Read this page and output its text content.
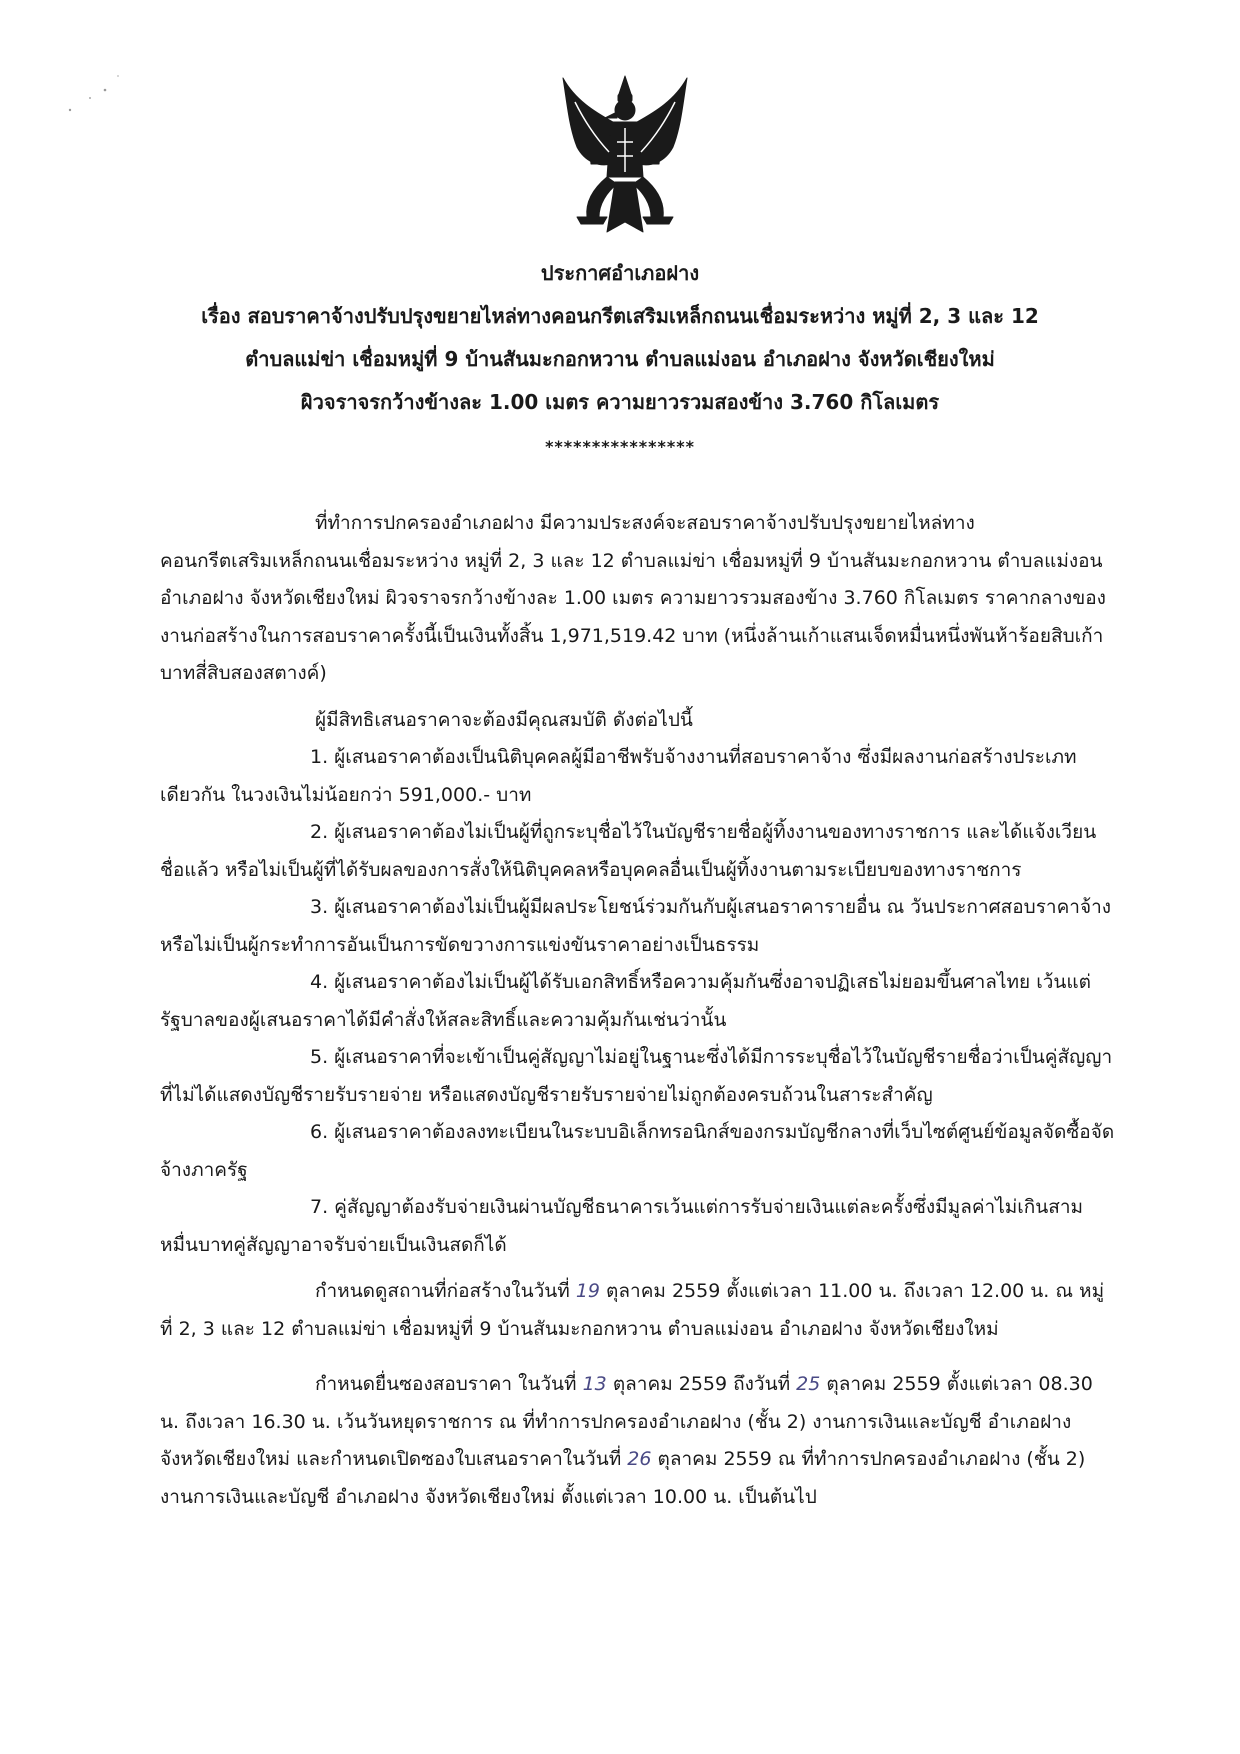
ประกาศอำเภอฝาง
เรื่อง สอบราคาจ้างปรับปรุงขยายไหล่ทางคอนกรีตเสริมเหล็กถนนเชื่อมระหว่าง หมู่ที่ 2, 3 และ 12
ตำบลแม่ข่า เชื่อมหมู่ที่ 9 บ้านสันมะกอกหวาน ตำบลแม่งอน อำเภอฝาง จังหวัดเชียงใหม่
ผิวจราจรกว้างข้างละ 1.00 เมตร ความยาวรวมสองข้าง 3.760 กิโลเมตร
****************

ที่ทำการปกครองอำเภอฝาง มีความประสงค์จะสอบราคาจ้างปรับปรุงขยายไหล่ทางคอนกรีตเสริมเหล็กถนนเชื่อมระหว่าง หมู่ที่ 2, 3 และ 12 ตำบลแม่ข่า เชื่อมหมู่ที่ 9 บ้านสันมะกอกหวาน ตำบลแม่งอน อำเภอฝาง จังหวัดเชียงใหม่ ผิวจราจรกว้างข้างละ 1.00 เมตร ความยาวรวมสองข้าง 3.760 กิโลเมตร ราคากลางของงานก่อสร้างในการสอบราคาครั้งนี้เป็นเงินทั้งสิ้น 1,971,519.42 บาท (หนึ่งล้านเก้าแสนเจ็ดหมื่นหนึ่งพันห้าร้อยสิบเก้าบาทสี่สิบสองสตางค์)

ผู้มีสิทธิเสนอราคาจะต้องมีคุณสมบัติ ดังต่อไปนี้

1. ผู้เสนอราคาต้องเป็นนิติบุคคลผู้มีอาชีพรับจ้างงานที่สอบราคาจ้าง ซึ่งมีผลงานก่อสร้างประเภทเดียวกัน ในวงเงินไม่น้อยกว่า 591,000.- บาท

2. ผู้เสนอราคาต้องไม่เป็นผู้ที่ถูกระบุชื่อไว้ในบัญชีรายชื่อผู้ทิ้งงานของทางราชการ และได้แจ้งเวียนชื่อแล้ว หรือไม่เป็นผู้ที่ได้รับผลของการสั่งให้นิติบุคคลหรือบุคคลอื่นเป็นผู้ทิ้งงานตามระเบียบของทางราชการ

3. ผู้เสนอราคาต้องไม่เป็นผู้มีผลประโยชน์ร่วมกันกับผู้เสนอราคารายอื่น ณ วันประกาศสอบราคาจ้าง หรือไม่เป็นผู้กระทำการอันเป็นการขัดขวางการแข่งขันราคาอย่างเป็นธรรม

4. ผู้เสนอราคาต้องไม่เป็นผู้ได้รับเอกสิทธิ์หรือความคุ้มกันซึ่งอาจปฏิเสธไม่ยอมขึ้นศาลไทย เว้นแต่รัฐบาลของผู้เสนอราคาได้มีคำสั่งให้สละสิทธิ์และความคุ้มกันเช่นว่านั้น

5. ผู้เสนอราคาที่จะเข้าเป็นคู่สัญญาไม่อยู่ในฐานะซึ่งได้มีการระบุชื่อไว้ในบัญชีรายชื่อว่าเป็นคู่สัญญาที่ไม่ได้แสดงบัญชีรายรับรายจ่าย หรือแสดงบัญชีรายรับรายจ่ายไม่ถูกต้องครบถ้วนในสาระสำคัญ

6. ผู้เสนอราคาต้องลงทะเบียนในระบบอิเล็กทรอนิกส์ของกรมบัญชีกลางที่เว็บไซต์ศูนย์ข้อมูลจัดซื้อจัดจ้างภาครัฐ

7. คู่สัญญาต้องรับจ่ายเงินผ่านบัญชีธนาคารเว้นแต่การรับจ่ายเงินแต่ละครั้งซึ่งมีมูลค่าไม่เกินสามหมื่นบาทคู่สัญญาอาจรับจ่ายเป็นเงินสดก็ได้

กำหนดดูสถานที่ก่อสร้างในวันที่ 19 ตุลาคม 2559 ตั้งแต่เวลา 11.00 น. ถึงเวลา 12.00 น. ณ หมู่ที่ 2, 3 และ 12 ตำบลแม่ข่า เชื่อมหมู่ที่ 9 บ้านสันมะกอกหวาน ตำบลแม่งอน อำเภอฝาง จังหวัดเชียงใหม่

กำหนดยื่นซองสอบราคา ในวันที่ 13 ตุลาคม 2559 ถึงวันที่ 25 ตุลาคม 2559 ตั้งแต่เวลา 08.30 น. ถึงเวลา 16.30 น. เว้นวันหยุดราชการ ณ ที่ทำการปกครองอำเภอฝาง (ชั้น 2) งานการเงินและบัญชี อำเภอฝาง จังหวัดเชียงใหม่ และกำหนดเปิดซองใบเสนอราคาในวันที่ 26 ตุลาคม 2559 ณ ที่ทำการปกครองอำเภอฝาง (ชั้น 2) งานการเงินและบัญชี อำเภอฝาง จังหวัดเชียงใหม่ ตั้งแต่เวลา 10.00 น. เป็นต้นไป
